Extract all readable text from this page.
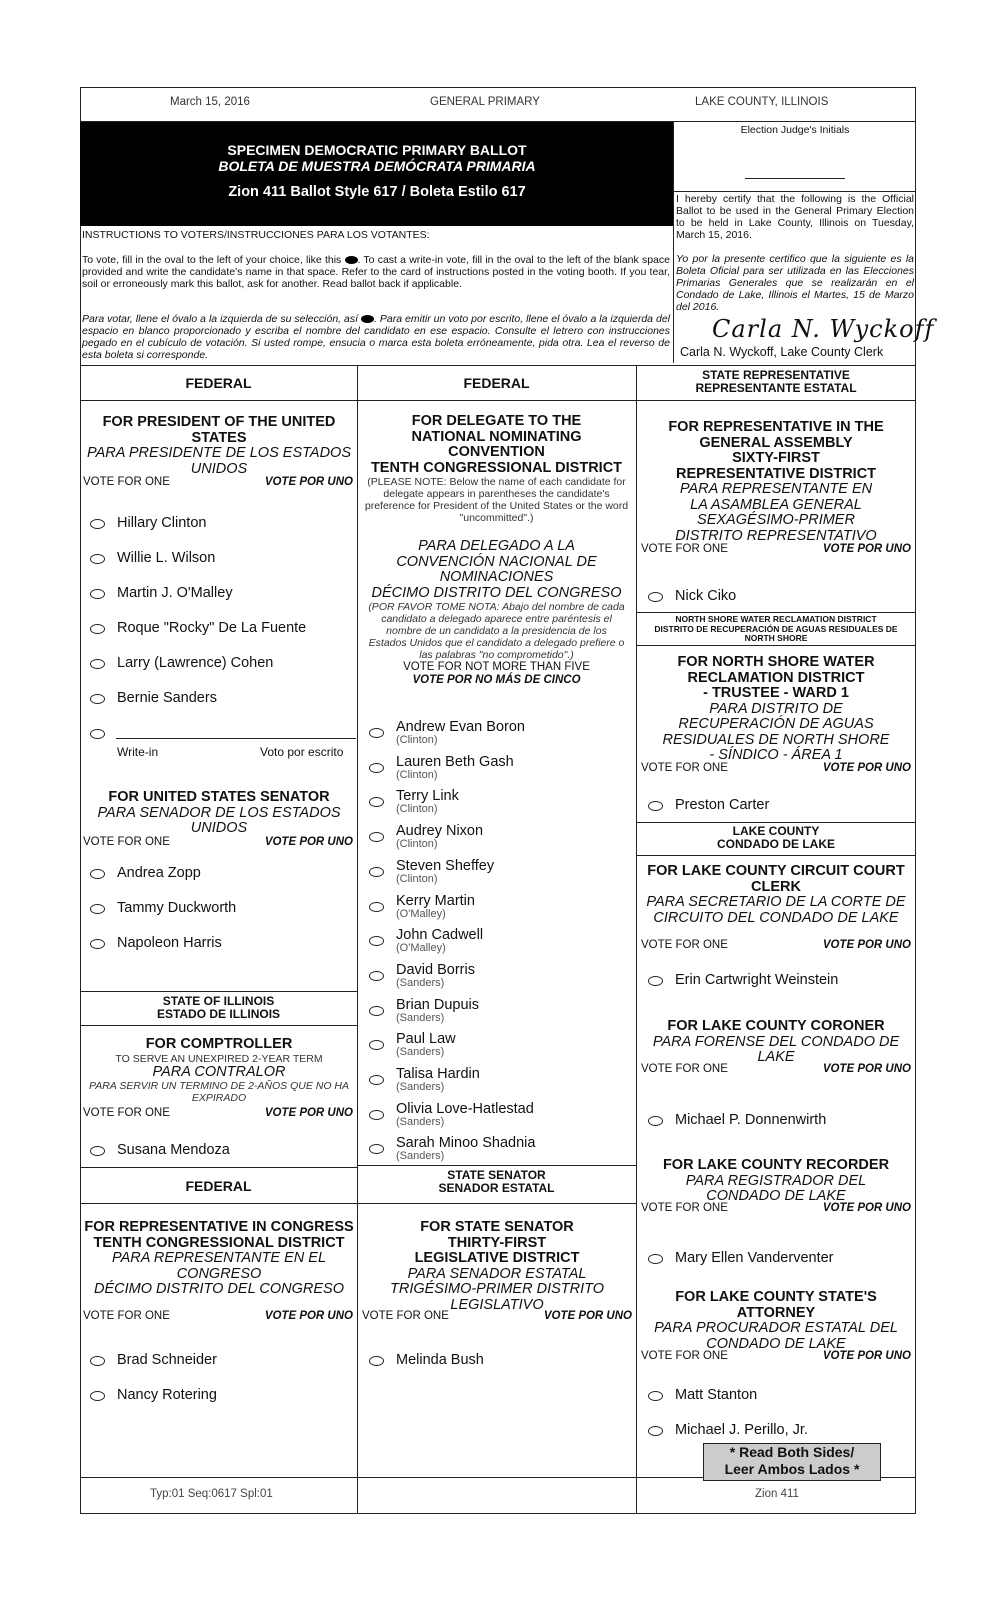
March 15, 2016	GENERAL PRIMARY	LAKE COUNTY, ILLINOIS
SPECIMEN DEMOCRATIC PRIMARY BALLOT
BOLETA DE MUESTRA DEMÓCRATA PRIMARIA
Zion 411 Ballot Style 617 / Boleta Estilo 617
Election Judge's Initials
I hereby certify that the following is the Official Ballot to be used in the General Primary Election to be held in Lake County, Illinois on Tuesday, March 15, 2016.
Yo por la presente certifico que la siguiente es la Boleta Oficial para ser utilizada en las Elecciones Primarias Generales que se realizarán en el Condado de Lake, Illinois el Martes, 15 de Marzo del 2016.
Carla N. Wyckoff
Carla N. Wyckoff, Lake County Clerk
INSTRUCTIONS TO VOTERS/INSTRUCCIONES PARA LOS VOTANTES:
To vote, fill in the oval to the left of your choice, like this . To cast a write-in vote, fill in the oval to the left of the blank space provided and write the candidate's name in that space. Refer to the card of instructions posted in the voting booth. If you tear, soil or erroneously mark this ballot, ask for another. Read ballot back if applicable.
Para votar, llene el óvalo a la izquierda de su selección, así . Para emitir un voto por escrito, llene el óvalo a la izquierda del espacio en blanco proporcionado y escriba el nombre del candidato en ese espacio. Consulte el letrero con instrucciones pegado en el cubículo de votación. Si usted rompe, ensucia o marca esta boleta erróneamente, pida otra. Lea el reverso de esta boleta si corresponde.
FEDERAL
FOR PRESIDENT OF THE UNITED STATES
PARA PRESIDENTE DE LOS ESTADOS UNIDOS
VOTE FOR ONE	VOTE POR UNO
Hillary Clinton
Willie L. Wilson
Martin J. O'Malley
Roque "Rocky" De La Fuente
Larry (Lawrence) Cohen
Bernie Sanders
Write-in	Voto por escrito
FOR UNITED STATES SENATOR
PARA SENADOR DE LOS ESTADOS UNIDOS
VOTE FOR ONE	VOTE POR UNO
Andrea Zopp
Tammy Duckworth
Napoleon Harris
STATE OF ILLINOIS
ESTADO DE ILLINOIS
FOR COMPTROLLER
TO SERVE AN UNEXPIRED 2-YEAR TERM
PARA CONTRALOR
PARA SERVIR UN TERMINO DE 2-AÑOS QUE NO HA EXPIRADO
VOTE FOR ONE	VOTE POR UNO
Susana Mendoza
FEDERAL
FOR REPRESENTATIVE IN CONGRESS
TENTH CONGRESSIONAL DISTRICT
PARA REPRESENTANTE EN EL CONGRESO
DÉCIMO DISTRITO DEL CONGRESO
VOTE FOR ONE	VOTE POR UNO
Brad Schneider
Nancy Rotering
FEDERAL
FOR DELEGATE TO THE NATIONAL NOMINATING CONVENTION
TENTH CONGRESSIONAL DISTRICT
(PLEASE NOTE: Below the name of each candidate for delegate appears in parentheses the candidate's preference for President of the United States or the word "uncommitted".)
PARA DELEGADO A LA CONVENCIÓN NACIONAL DE NOMINACIONES
DÉCIMO DISTRITO DEL CONGRESO
(POR FAVOR TOME NOTA: Abajo del nombre de cada candidato a delegado aparece entre paréntesis el nombre de un candidato a la presidencia de los Estados Unidos que el candidato a delegado prefiere o las palabras "no comprometido".)
VOTE FOR NOT MORE THAN FIVE
VOTE POR NO MÁS DE CINCO
Andrew Evan Boron
(Clinton)
Lauren Beth Gash
(Clinton)
Terry Link
(Clinton)
Audrey Nixon
(Clinton)
Steven Sheffey
(Clinton)
Kerry Martin
(O'Malley)
John Cadwell
(O'Malley)
David Borris
(Sanders)
Brian Dupuis
(Sanders)
Paul Law
(Sanders)
Talisa Hardin
(Sanders)
Olivia Love-Hatlestad
(Sanders)
Sarah Minoo Shadnia
(Sanders)
STATE SENATOR
SENADOR ESTATAL
FOR STATE SENATOR
THIRTY-FIRST LEGISLATIVE DISTRICT
PARA SENADOR ESTATAL
TRIGÉSIMO-PRIMER DISTRITO LEGISLATIVO
VOTE FOR ONE	VOTE POR UNO
Melinda Bush
STATE REPRESENTATIVE
REPRESENTANTE ESTATAL
FOR REPRESENTATIVE IN THE GENERAL ASSEMBLY
SIXTY-FIRST REPRESENTATIVE DISTRICT
PARA REPRESENTANTE EN LA ASAMBLEA GENERAL
SEXAGÉSIMO-PRIMER DISTRITO REPRESENTATIVO
VOTE FOR ONE	VOTE POR UNO
Nick Ciko
NORTH SHORE WATER RECLAMATION DISTRICT
DISTRITO DE RECUPERACIÓN DE AGUAS RESIDUALES DE NORTH SHORE
FOR NORTH SHORE WATER RECLAMATION DISTRICT
- TRUSTEE - WARD 1
PARA DISTRITO DE RECUPERACIÓN DE AGUAS RESIDUALES DE NORTH SHORE
- SÍNDICO - ÁREA 1
VOTE FOR ONE	VOTE POR UNO
Preston Carter
LAKE COUNTY
CONDADO DE LAKE
FOR LAKE COUNTY CIRCUIT COURT CLERK
PARA SECRETARIO DE LA CORTE DE CIRCUITO DEL CONDADO DE LAKE
VOTE FOR ONE	VOTE POR UNO
Erin Cartwright Weinstein
FOR LAKE COUNTY CORONER
PARA FORENSE DEL CONDADO DE LAKE
VOTE FOR ONE	VOTE POR UNO
Michael P. Donnenwirth
FOR LAKE COUNTY RECORDER
PARA REGISTRADOR DEL CONDADO DE LAKE
VOTE FOR ONE	VOTE POR UNO
Mary Ellen Vanderventer
FOR LAKE COUNTY STATE'S ATTORNEY
PARA PROCURADOR ESTATAL DEL CONDADO DE LAKE
VOTE FOR ONE	VOTE POR UNO
Matt Stanton
Michael J. Perillo, Jr.
* Read Both Sides/
Leer Ambos Lados *
Typ:01 Seq:0617 Spl:01	Zion 411
